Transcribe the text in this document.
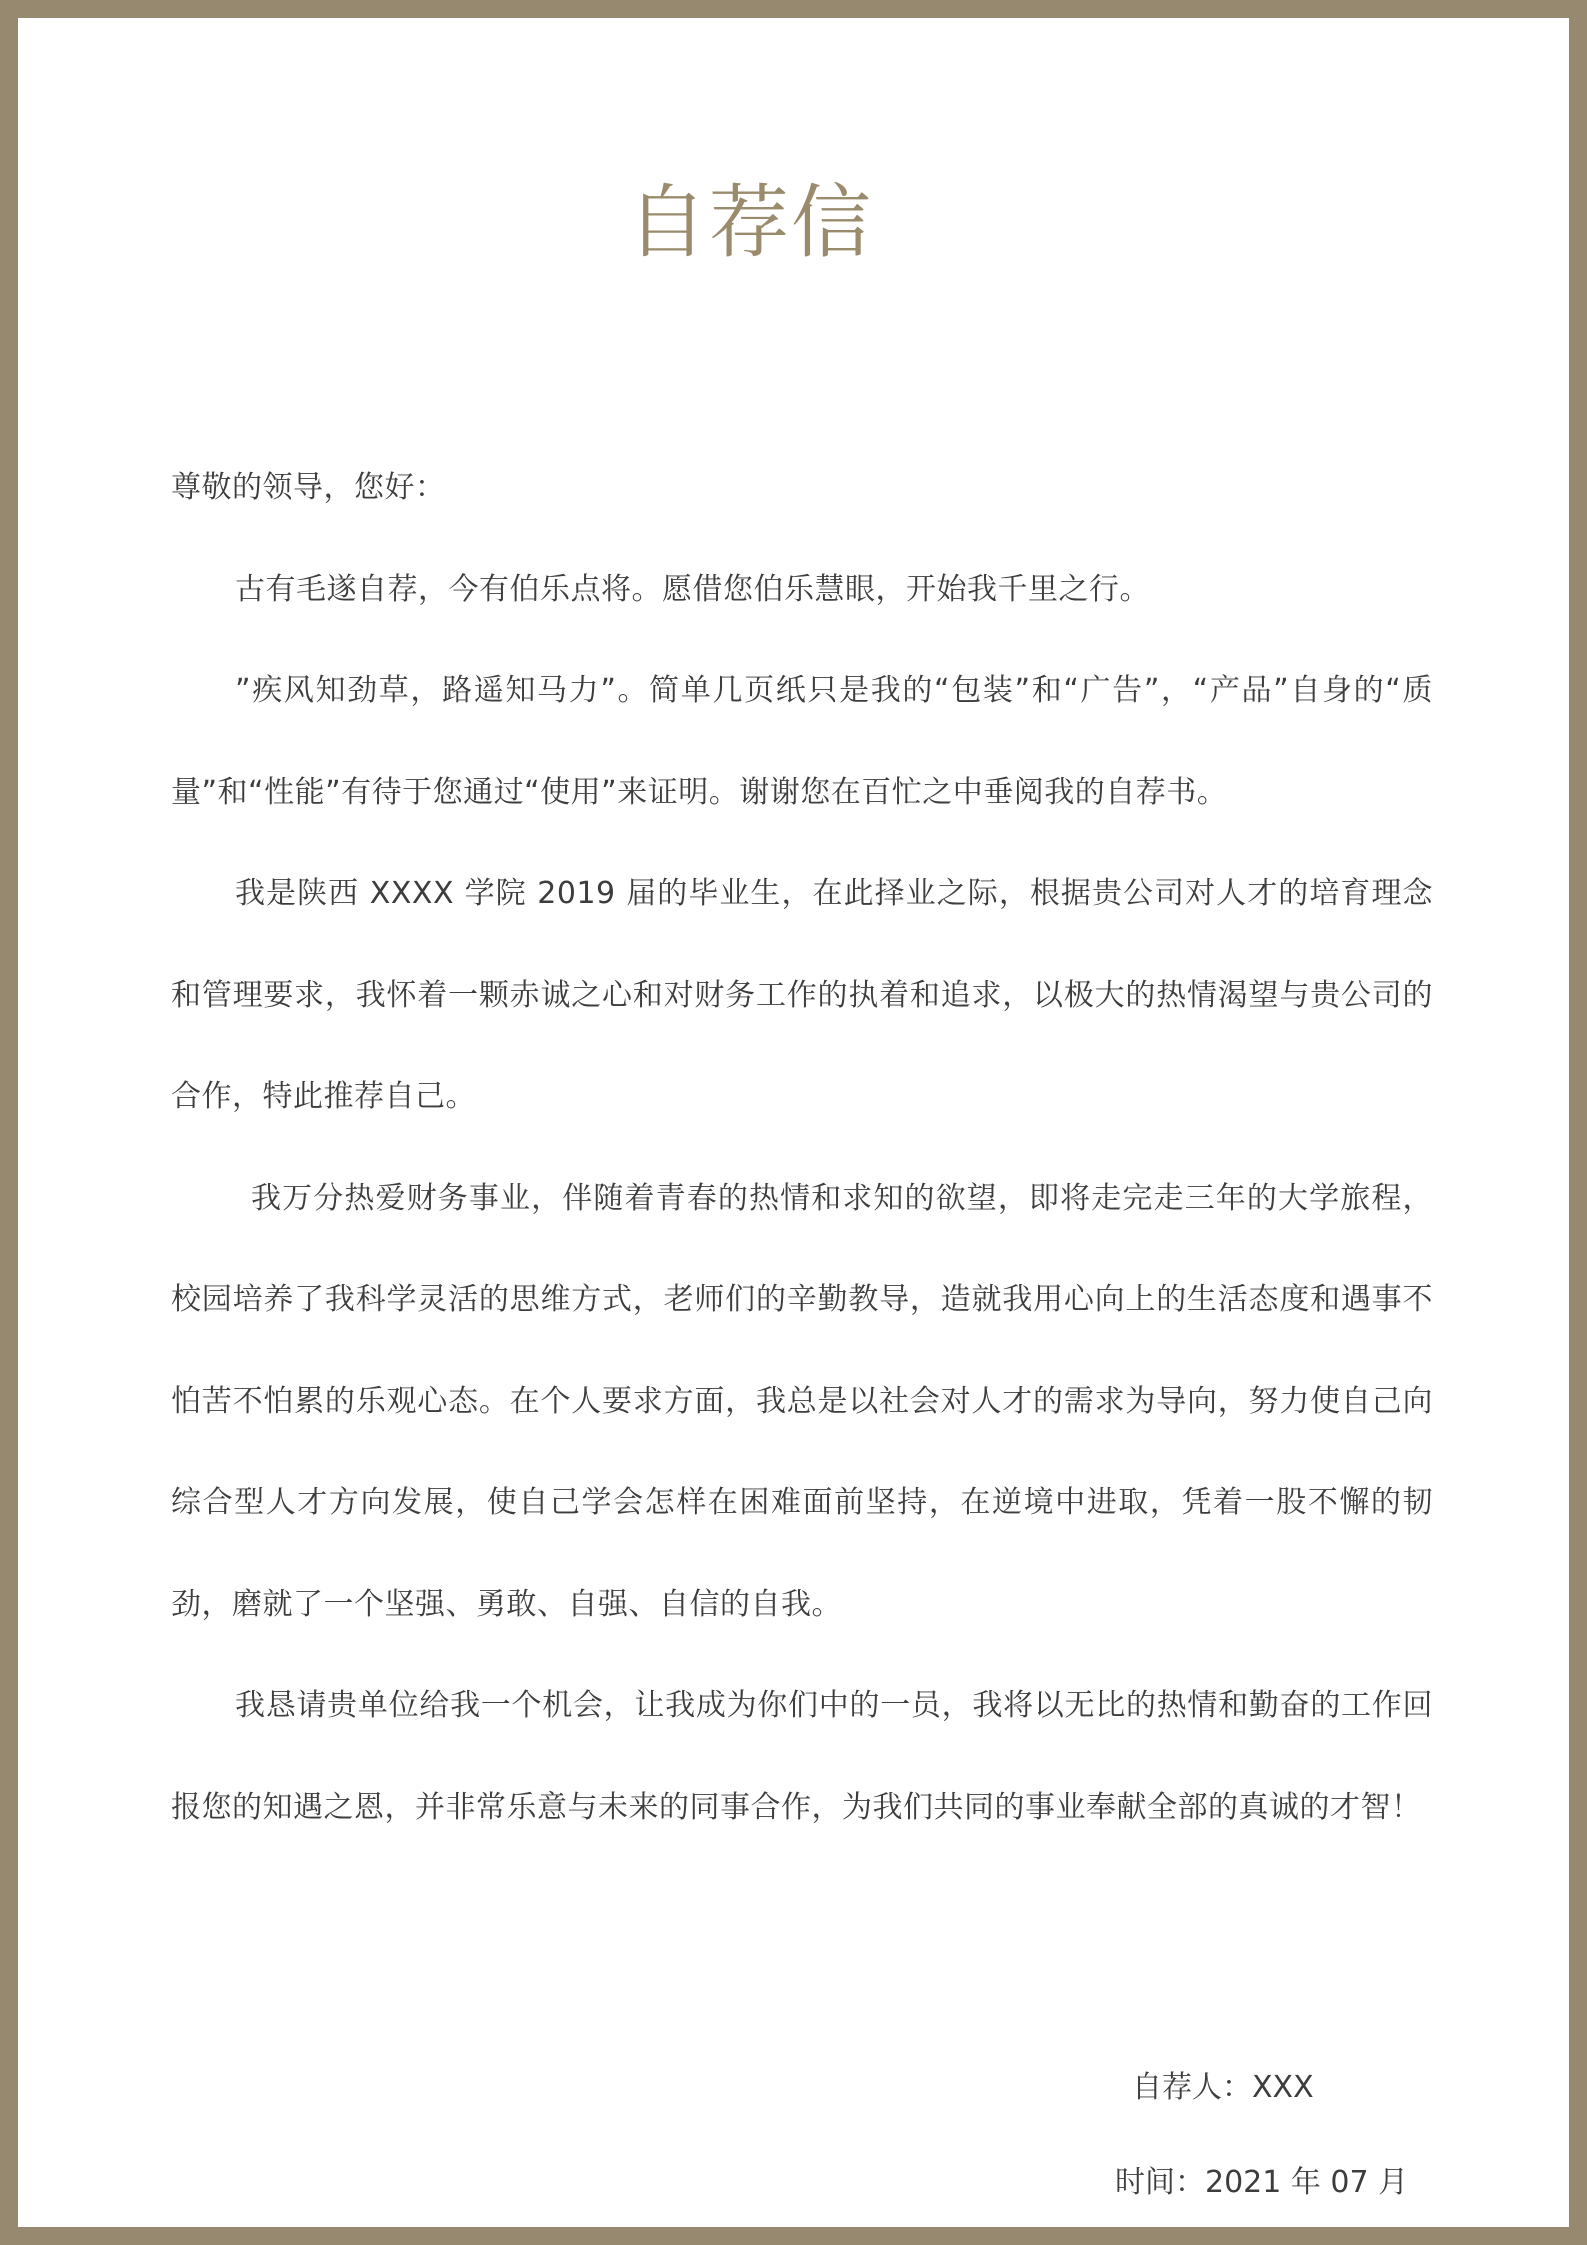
自荐信

尊敬的领导，您好：

古有毛遂自荐，今有伯乐点将。愿借您伯乐慧眼，开始我千里之行。

”疾风知劲草，路遥知马力”。简单几页纸只是我的“包装”和“广告”，“产品”自身的“质量”和“性能”有待于您通过“使用”来证明。谢谢您在百忙之中垂阅我的自荐书。

我是陕西 XXXX 学院 2019 届的毕业生，在此择业之际，根据贵公司对人才的培育理念和管理要求，我怀着一颗赤诚之心和对财务工作的执着和追求，以极大的热情渴望与贵公司的合作，特此推荐自己。

我万分热爱财务事业，伴随着青春的热情和求知的欲望，即将走完走三年的大学旅程，校园培养了我科学灵活的思维方式，老师们的辛勤教导，造就我用心向上的生活态度和遇事不怕苦不怕累的乐观心态。在个人要求方面，我总是以社会对人才的需求为导向，努力使自己向综合型人才方向发展，使自己学会怎样在困难面前坚持，在逆境中进取，凭着一股不懈的韧劲，磨就了一个坚强、勇敢、自强、自信的自我。

我恳请贵单位给我一个机会，让我成为你们中的一员，我将以无比的热情和勤奋的工作回报您的知遇之恩，并非常乐意与未来的同事合作，为我们共同的事业奉献全部的真诚的才智！

自荐人：XXX
时间：2021 年 07 月
